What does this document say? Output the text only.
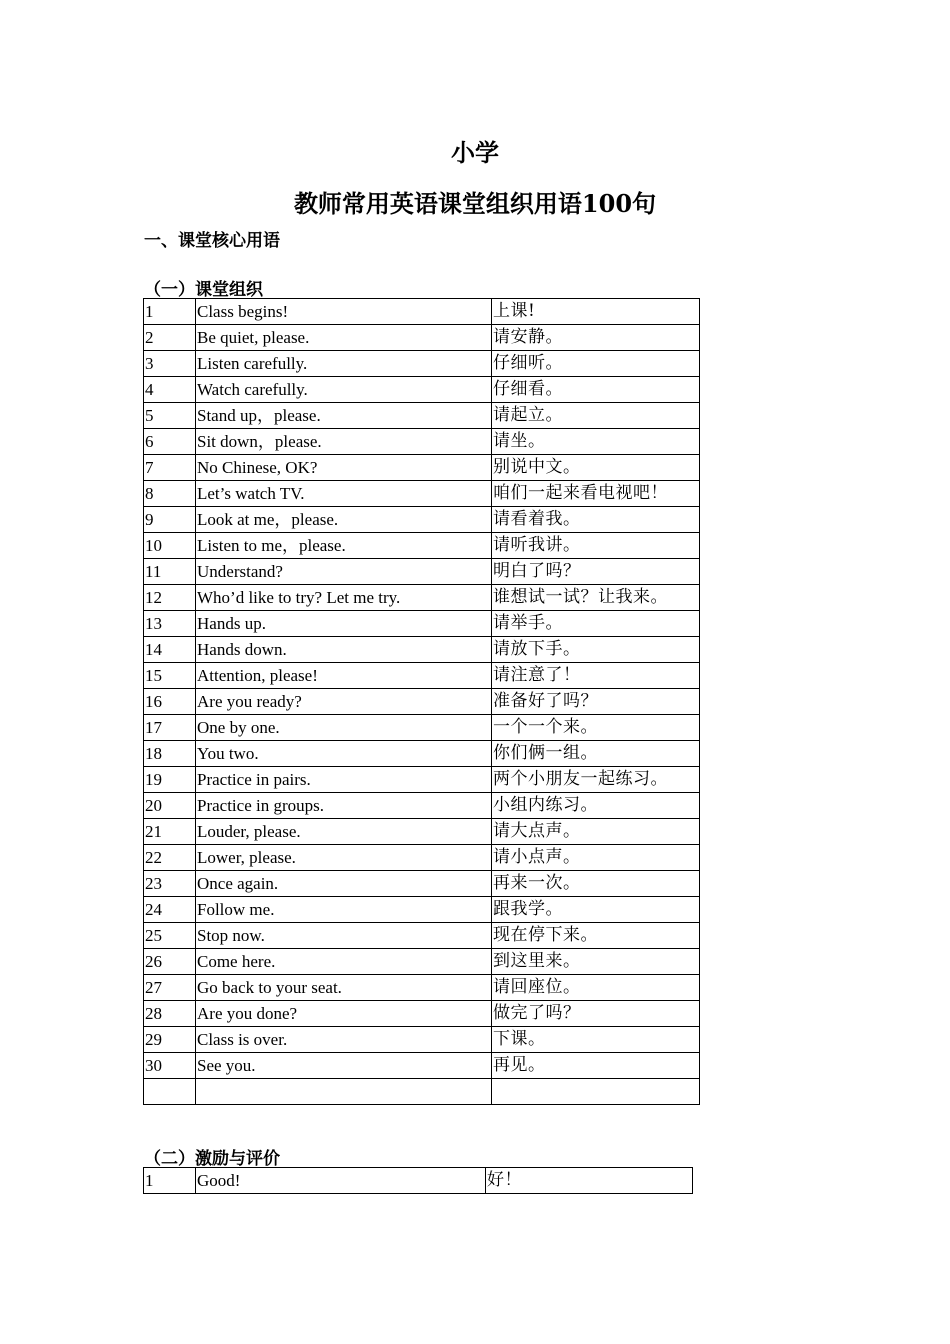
小学
教师常用英语课堂组织用语100句
一、课堂核心用语
（一）课堂组织
1	Class begins!	上课!
2	Be quiet, please.	请安静。
3	Listen carefully.	仔细听。
4	Watch carefully.	仔细看。
5	Stand up，please.	请起立。
6	Sit down，please.	请坐。
7	No Chinese, OK?	别说中文。
8	Let’s watch TV.	咱们一起来看电视吧！
9	Look at me，please.	请看着我。
10	Listen to me，please.	请听我讲。
11	Understand?	明白了吗？
12	Who’d like to try? Let me try.	谁想试一试？让我来。
13	Hands up.	请举手。
14	Hands down.	请放下手。
15	Attention, please!	请注意了！
16	Are you ready?	准备好了吗？
17	One by one.	一个一个来。
18	You two.	你们俩一组。
19	Practice in pairs.	两个小朋友一起练习。
20	Practice in groups.	小组内练习。
21	Louder, please.	请大点声。
22	Lower, please.	请小点声。
23	Once again.	再来一次。
24	Follow me.	跟我学。
25	Stop now.	现在停下来。
26	Come here.	到这里来。
27	Go back to your seat.	请回座位。
28	Are you done?	做完了吗？
29	Class is over.	下课。
30	See you.	再见。

（二）激励与评价
1	Good!	好！
